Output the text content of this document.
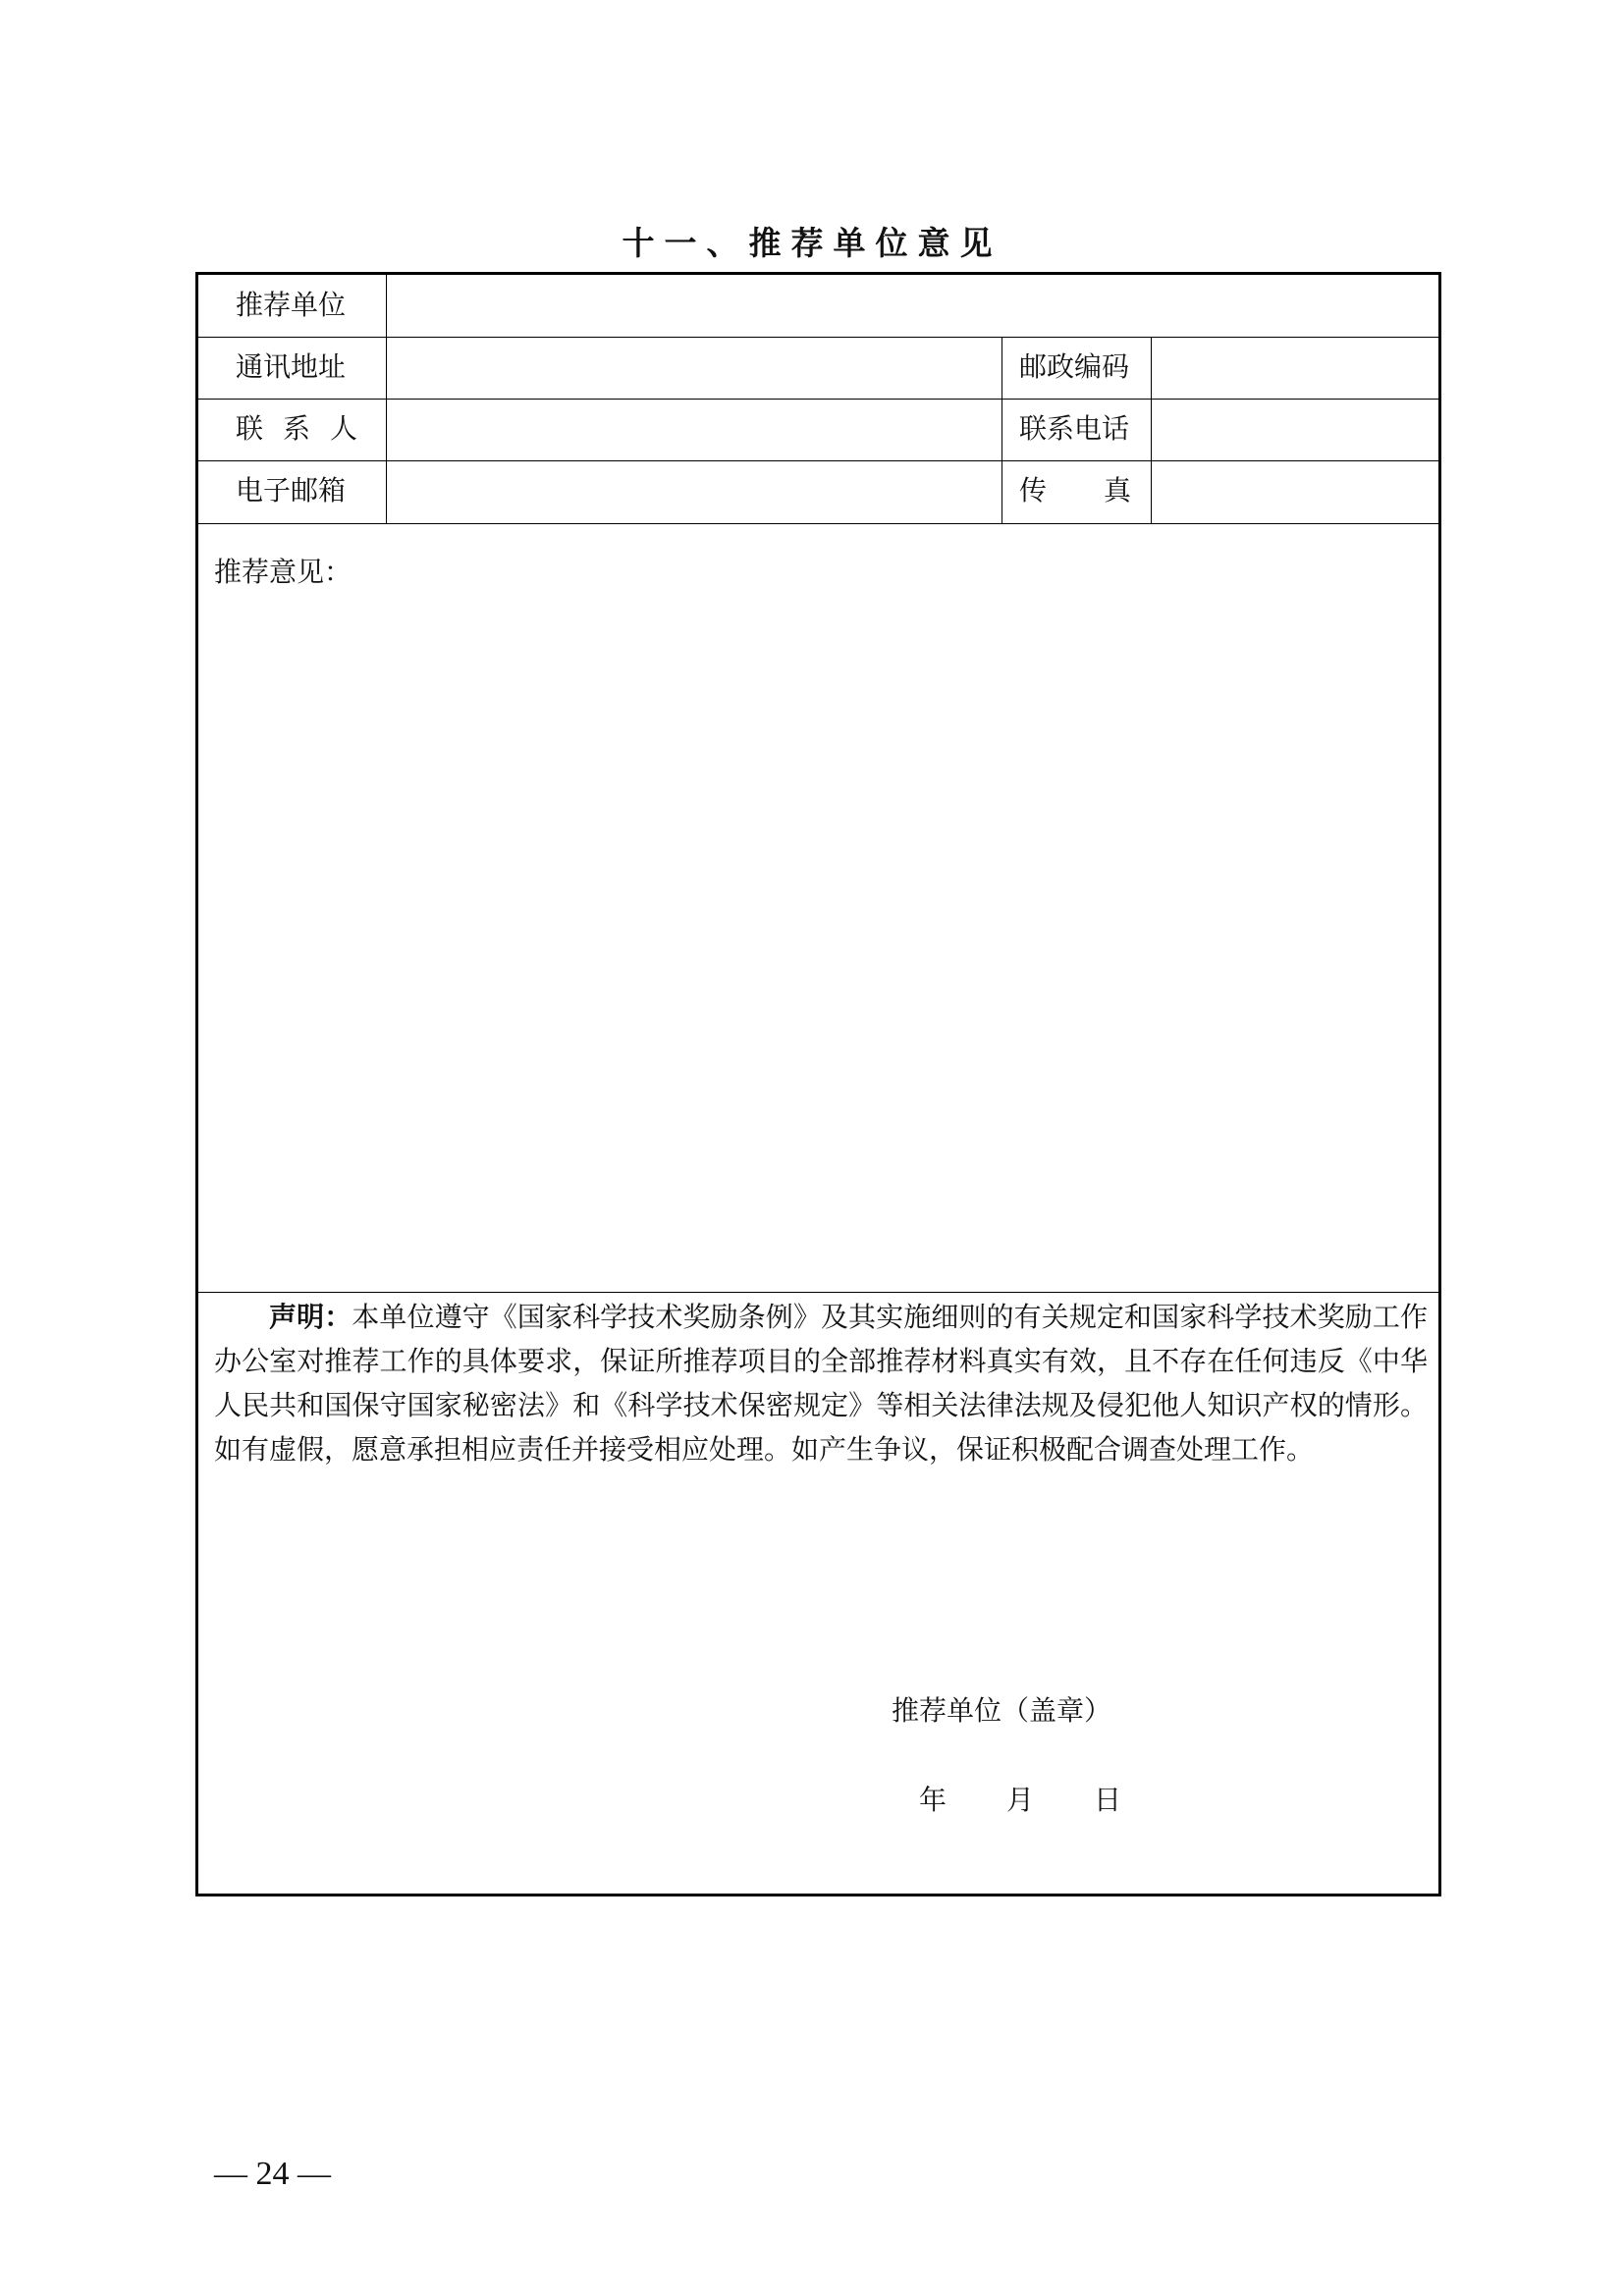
十一、推荐单位意见
推荐单位
通讯地址	邮政编码
联系人	联系电话
电子邮箱	传真
推荐意见：
声明：本单位遵守《国家科学技术奖励条例》及其实施细则的有关规定和国家科学技术奖励工作办公室对推荐工作的具体要求，保证所推荐项目的全部推荐材料真实有效，且不存在任何违反《中华人民共和国保守国家秘密法》和《科学技术保密规定》等相关法律法规及侵犯他人知识产权的情形。如有虚假，愿意承担相应责任并接受相应处理。如产生争议，保证积极配合调查处理工作。
推荐单位（盖章）
年 月 日
— 24 —
